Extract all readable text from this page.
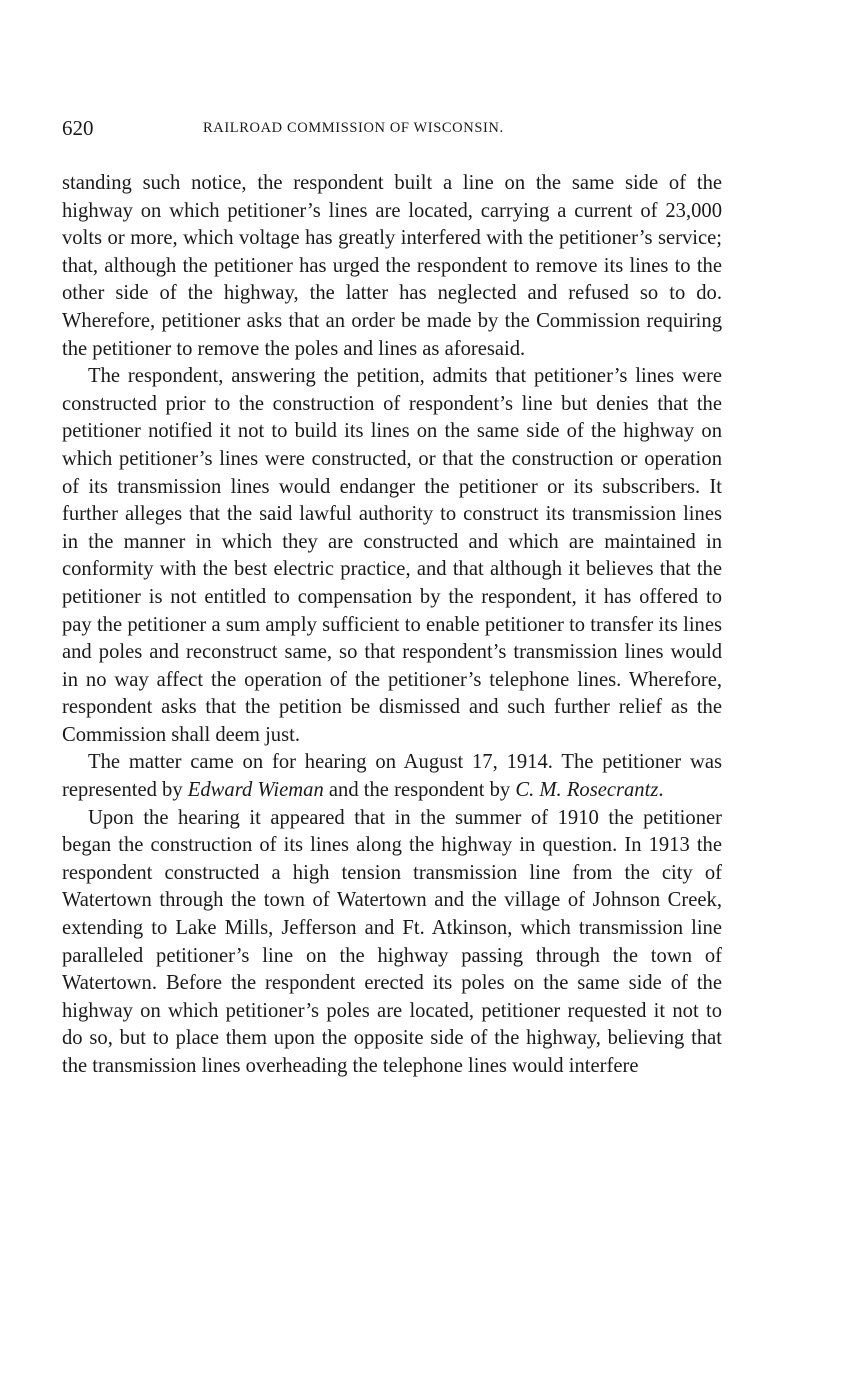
620	RAILROAD COMMISSION OF WISCONSIN.

standing such notice, the respondent built a line on the same side of the highway on which petitioner’s lines are located, carrying a current of 23,000 volts or more, which voltage has greatly interfered with the petitioner’s service; that, although the petitioner has urged the respondent to remove its lines to the other side of the highway, the latter has neglected and refused so to do. Wherefore, petitioner asks that an order be made by the Commission requiring the petitioner to remove the poles and lines as aforesaid.

The respondent, answering the petition, admits that petitioner’s lines were constructed prior to the construction of respondent’s line but denies that the petitioner notified it not to build its lines on the same side of the highway on which petitioner’s lines were constructed, or that the construction or operation of its transmission lines would endanger the petitioner or its subscribers. It further alleges that the said lawful authority to construct its transmission lines in the manner in which they are constructed and which are maintained in conformity with the best electric practice, and that although it believes that the petitioner is not entitled to compensation by the respondent, it has offered to pay the petitioner a sum amply sufficient to enable petitioner to transfer its lines and poles and reconstruct same, so that respondent’s transmission lines would in no way affect the operation of the petitioner’s telephone lines. Wherefore, respondent asks that the petition be dismissed and such further relief as the Commission shall deem just.

The matter came on for hearing on August 17, 1914. The petitioner was represented by Edward Wieman and the respondent by C. M. Rosecrantz.

Upon the hearing it appeared that in the summer of 1910 the petitioner began the construction of its lines along the highway in question. In 1913 the respondent constructed a high tension transmission line from the city of Watertown through the town of Watertown and the village of Johnson Creek, extending to Lake Mills, Jefferson and Ft. Atkinson, which transmission line paralleled petitioner’s line on the highway passing through the town of Watertown. Before the respondent erected its poles on the same side of the highway on which petitioner’s poles are located, petitioner requested it not to do so, but to place them upon the opposite side of the highway, believing that the transmission lines overheading the telephone lines would interfere
